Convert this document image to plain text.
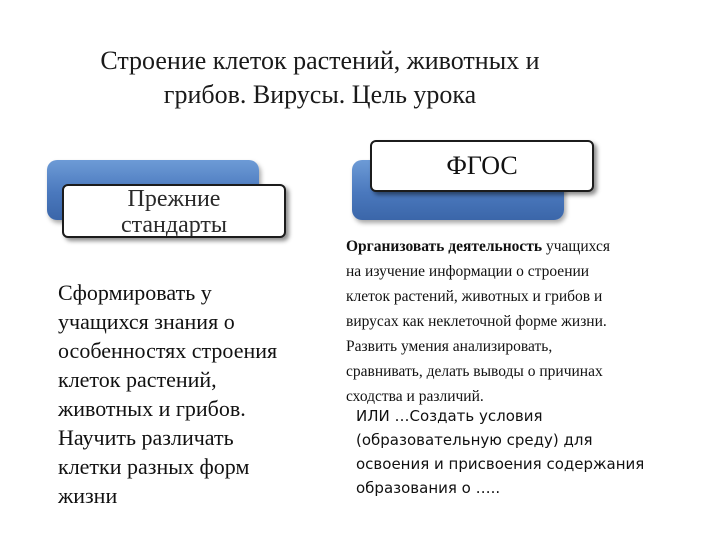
Строение клеток растений, животных и
грибов. Вирусы. Цель урока
Прежние
стандарты
Сформировать у
учащихся знания о
особенностях строения
клеток растений,
животных и грибов.
Научить различать
клетки разных форм
жизни
ФГОС
Организовать деятельность учащихся
на изучение информации о строении
клеток растений, животных и грибов и
вирусах как неклеточной форме жизни.
Развить умения анализировать,
сравнивать, делать выводы о причинах
сходства и различий.
ИЛИ …Создать условия
(образовательную среду) для
освоения и присвоения содержания
образования о …..
